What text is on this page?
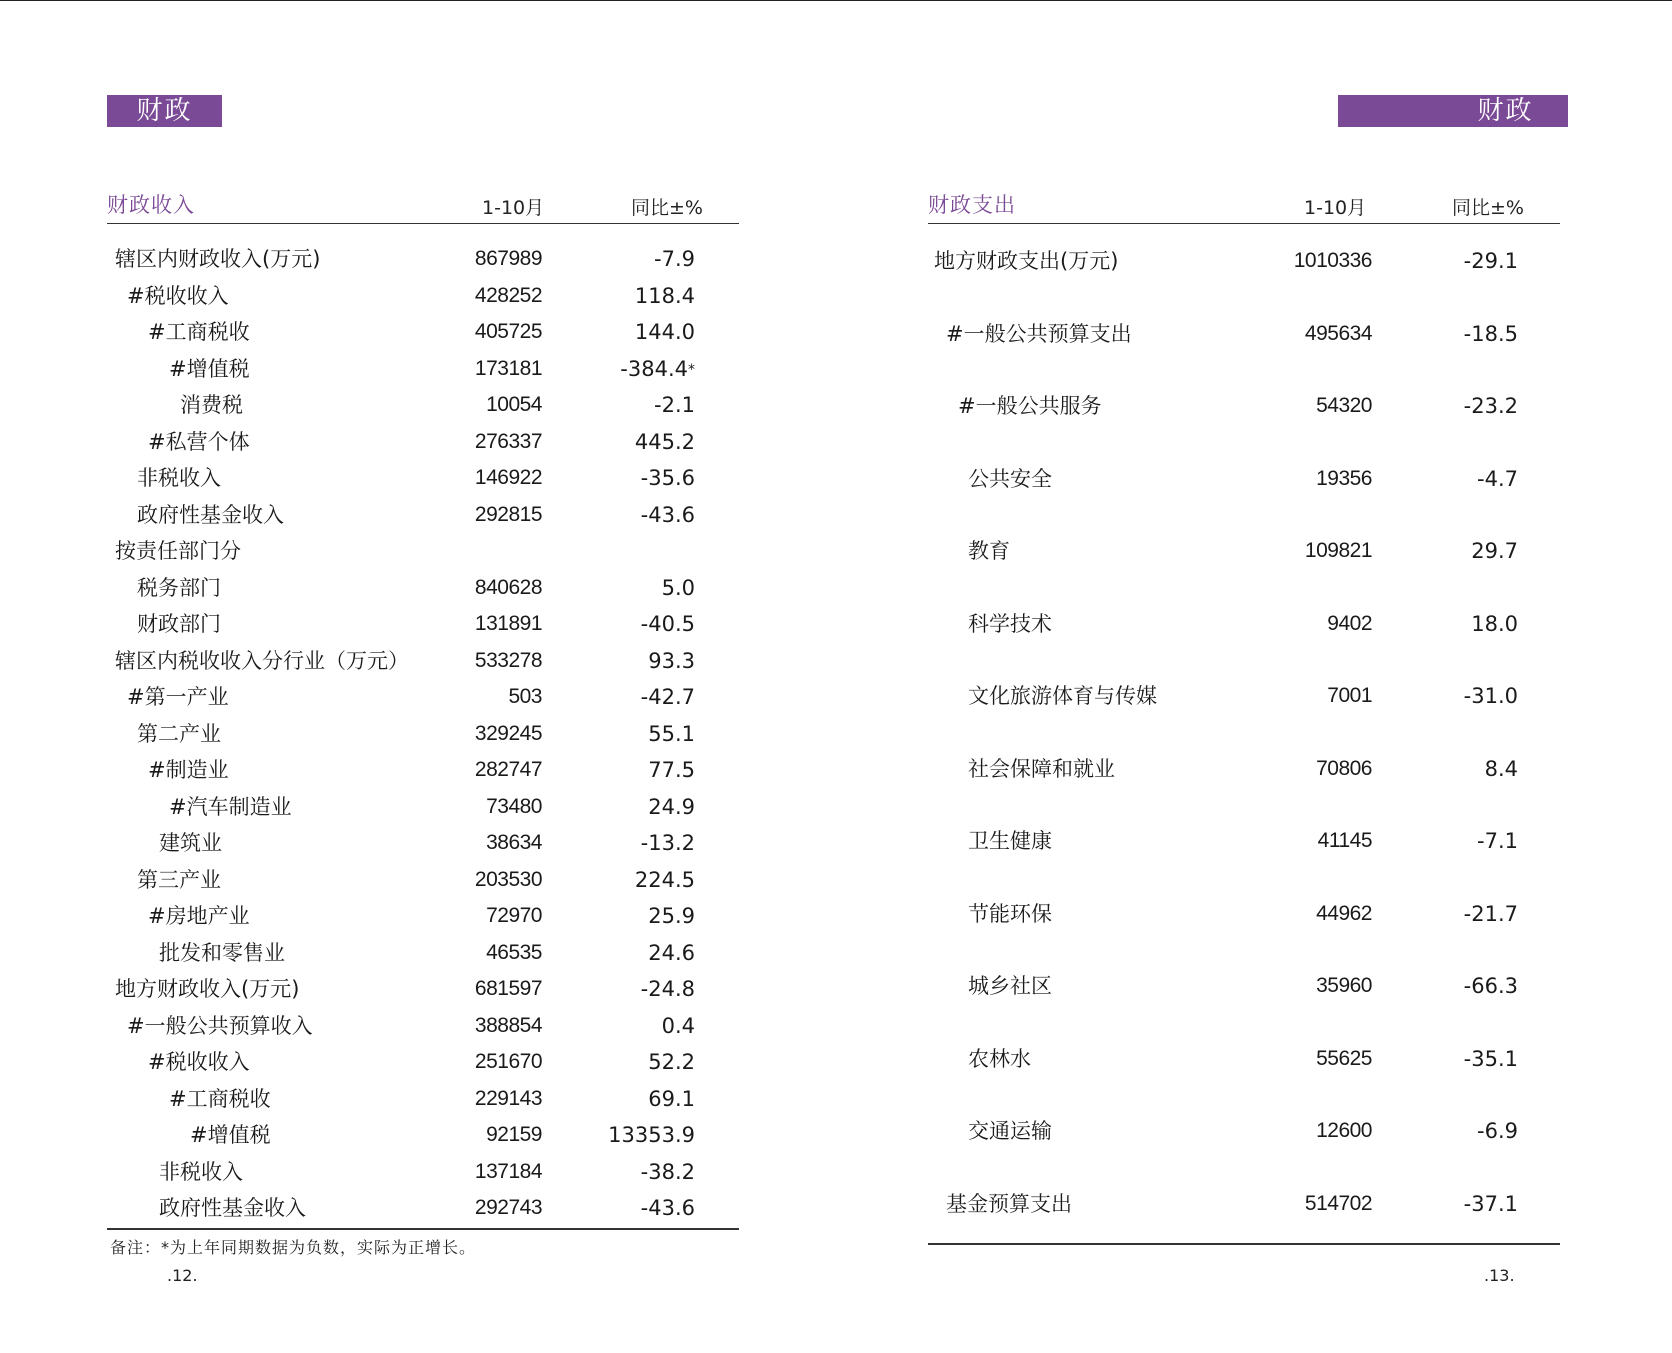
财政
财政收入	1-10月	同比±%
辖区内财政收入(万元)	867989	-7.9
#税收收入	428252	118.4
#工商税收	405725	144.0
#增值税	173181	-384.4*
消费税	10054	-2.1
#私营个体	276337	445.2
非税收入	146922	-35.6
政府性基金收入	292815	-43.6
按责任部门分
税务部门	840628	5.0
财政部门	131891	-40.5
辖区内税收收入分行业（万元）	533278	93.3
#第一产业	503	-42.7
第二产业	329245	55.1
#制造业	282747	77.5
#汽车制造业	73480	24.9
建筑业	38634	-13.2
第三产业	203530	224.5
#房地产业	72970	25.9
批发和零售业	46535	24.6
地方财政收入(万元)	681597	-24.8
#一般公共预算收入	388854	0.4
#税收收入	251670	52.2
#工商税收	229143	69.1
#增值税	92159	13353.9
非税收入	137184	-38.2
政府性基金收入	292743	-43.6
备注：*为上年同期数据为负数，实际为正增长。
.12.
财政
财政支出	1-10月	同比±%
地方财政支出(万元)	1010336	-29.1
#一般公共预算支出	495634	-18.5
#一般公共服务	54320	-23.2
公共安全	19356	-4.7
教育	109821	29.7
科学技术	9402	18.0
文化旅游体育与传媒	7001	-31.0
社会保障和就业	70806	8.4
卫生健康	41145	-7.1
节能环保	44962	-21.7
城乡社区	35960	-66.3
农林水	55625	-35.1
交通运输	12600	-6.9
基金预算支出	514702	-37.1
.13.
